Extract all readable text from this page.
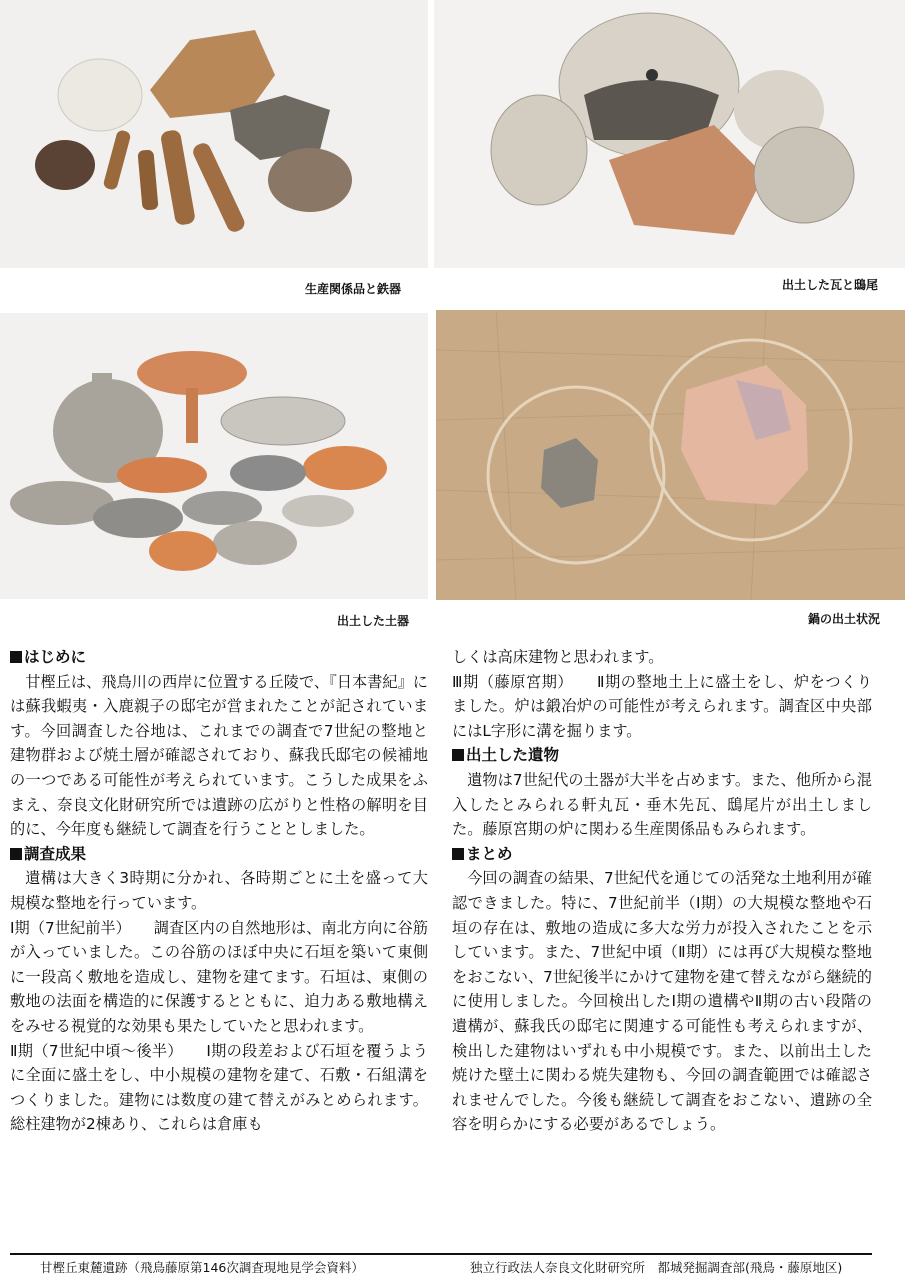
生産関係品と鉄器	出土した瓦と鴟尾
出土した土器	鍋の出土状況
はじめに

甘樫丘は、飛鳥川の西岸に位置する丘陵で、『日本書紀』には蘇我蝦夷・入鹿親子の邸宅が営まれたことが記されています。今回調査した谷地は、これまでの調査で7世紀の整地と建物群および焼土層が確認されており、蘇我氏邸宅の候補地の一つである可能性が考えられています。こうした成果をふまえ、奈良文化財研究所では遺跡の広がりと性格の解明を目的に、今年度も継続して調査を行うこととしました。

調査成果

遺構は大きく3時期に分かれ、各時期ごとに土を盛って大規模な整地を行っています。

Ⅰ期（7世紀前半）　　調査区内の自然地形は、南北方向に谷筋が入っていました。この谷筋のほぼ中央に石垣を築いて東側に一段高く敷地を造成し、建物を建てます。石垣は、東側の敷地の法面を構造的に保護するとともに、迫力ある敷地構えをみせる視覚的な効果も果たしていたと思われます。

Ⅱ期（7世紀中頃～後半）　　Ⅰ期の段差および石垣を覆うように全面に盛土をし、中小規模の建物を建て、石敷・石組溝をつくりました。建物には数度の建て替えがみとめられます。総柱建物が2棟あり、これらは倉庫も

しくは高床建物と思われます。

Ⅲ期（藤原宮期）　　Ⅱ期の整地土上に盛土をし、炉をつくりました。炉は鍛冶炉の可能性が考えられます。調査区中央部にはL字形に溝を掘ります。

出土した遺物

遺物は7世紀代の土器が大半を占めます。また、他所から混入したとみられる軒丸瓦・垂木先瓦、鴟尾片が出土しました。藤原宮期の炉に関わる生産関係品もみられます。

まとめ

今回の調査の結果、7世紀代を通じての活発な土地利用が確認できました。特に、7世紀前半（Ⅰ期）の大規模な整地や石垣の存在は、敷地の造成に多大な労力が投入されたことを示しています。また、7世紀中頃（Ⅱ期）には再び大規模な整地をおこない、7世紀後半にかけて建物を建て替えながら継続的に使用しました。今回検出したⅠ期の遺構やⅡ期の古い段階の遺構が、蘇我氏の邸宅に関連する可能性も考えられますが、検出した建物はいずれも中小規模です。また、以前出土した焼けた壁土に関わる焼失建物も、今回の調査範囲では確認されませんでした。今後も継続して調査をおこない、遺跡の全容を明らかにする必要があるでしょう。

甘樫丘東麓遺跡（飛鳥藤原第146次調査現地見学会資料）	独立行政法人奈良文化財研究所　都城発掘調査部(飛鳥・藤原地区)
